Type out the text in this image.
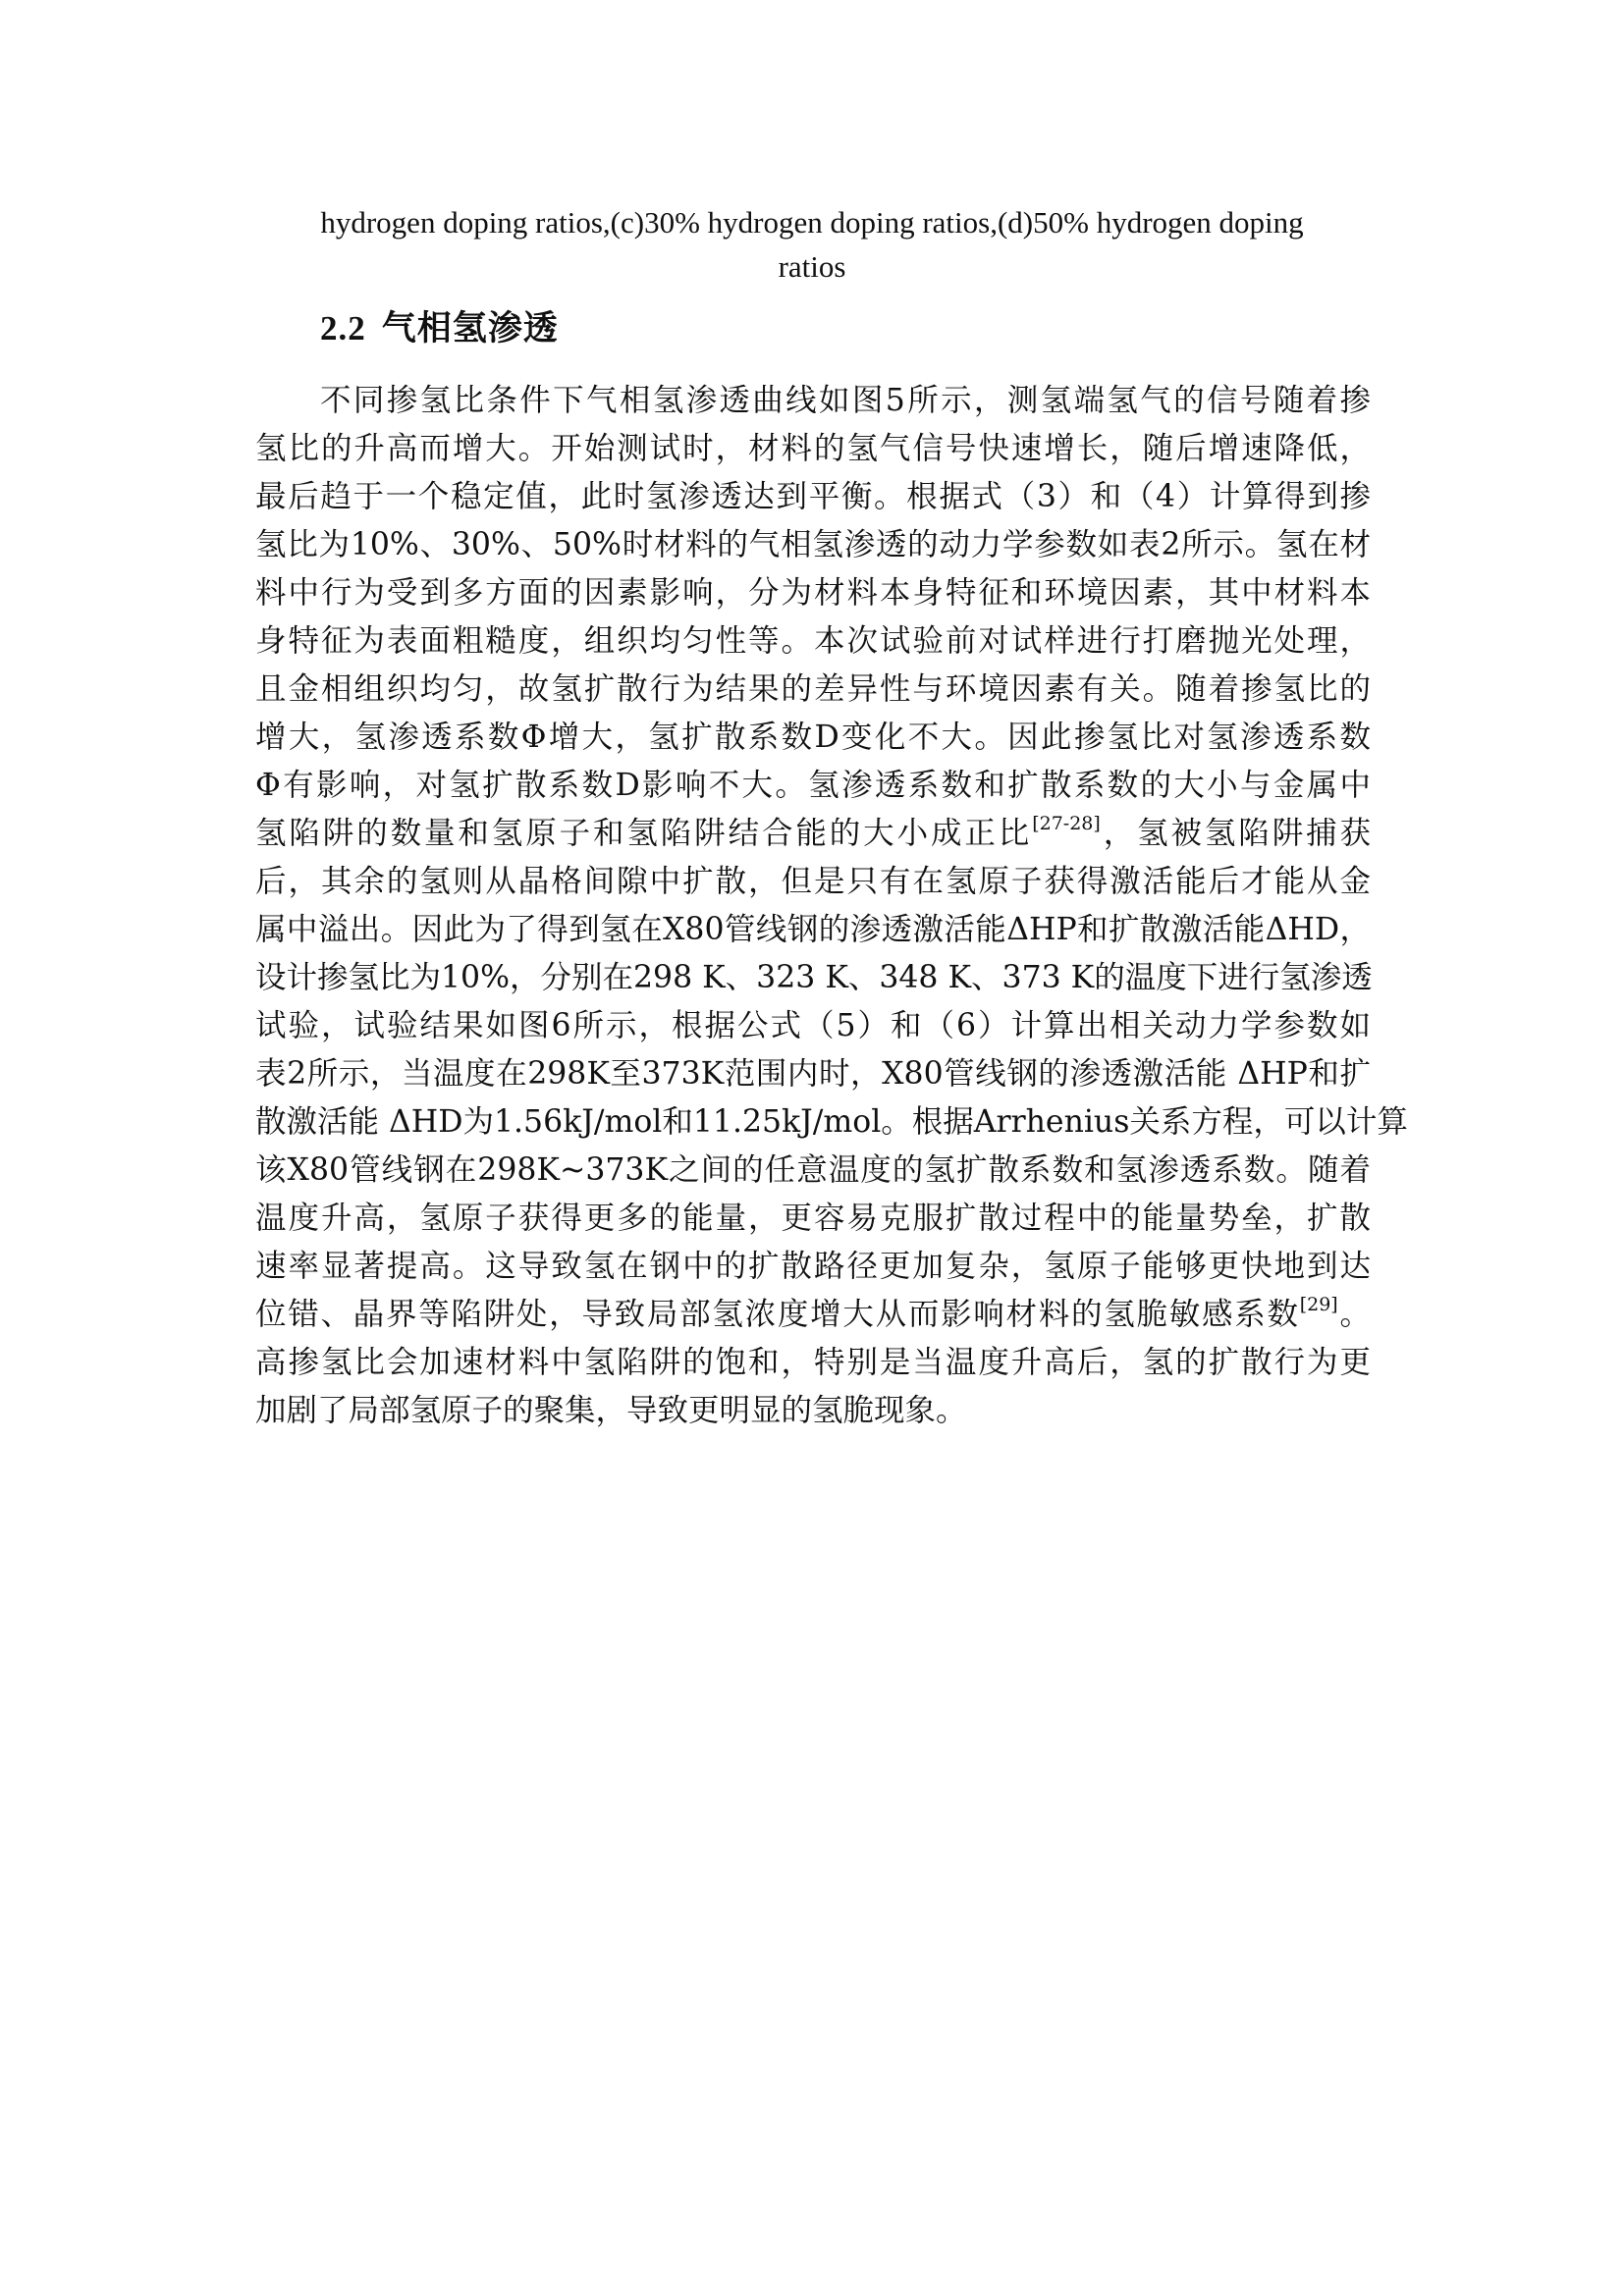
hydrogen doping ratios,(c)30% hydrogen doping ratios,(d)50% hydrogen doping
ratios
2.2 气相氢渗透
不同掺氢比条件下气相氢渗透曲线如图5所示，测氢端氢气的信号随着掺
氢比的升高而增大。开始测试时，材料的氢气信号快速增长，随后增速降低，
最后趋于一个稳定值，此时氢渗透达到平衡。根据式（3）和（4）计算得到掺
氢比为10%、30%、50%时材料的气相氢渗透的动力学参数如表2所示。氢在材
料中行为受到多方面的因素影响，分为材料本身特征和环境因素，其中材料本
身特征为表面粗糙度，组织均匀性等。本次试验前对试样进行打磨抛光处理，
且金相组织均匀，故氢扩散行为结果的差异性与环境因素有关。随着掺氢比的
增大，氢渗透系数Φ增大，氢扩散系数D变化不大。因此掺氢比对氢渗透系数
Φ有影响，对氢扩散系数D影响不大。氢渗透系数和扩散系数的大小与金属中
氢陷阱的数量和氢原子和氢陷阱结合能的大小成正比[27-28]，氢被氢陷阱捕获
后，其余的氢则从晶格间隙中扩散，但是只有在氢原子获得激活能后才能从金
属中溢出。因此为了得到氢在X80管线钢的渗透激活能ΔHP和扩散激活能ΔHD，
设计掺氢比为10%，分别在298 K、323 K、348 K、373 K的温度下进行氢渗透
试验，试验结果如图6所示，根据公式（5）和（6）计算出相关动力学参数如
表2所示，当温度在298K至373K范围内时，X80管线钢的渗透激活能 ΔHP和扩
散激活能 ΔHD为1.56kJ/mol和11.25kJ/mol。根据Arrhenius关系方程，可以计算
该X80管线钢在298K~373K之间的任意温度的氢扩散系数和氢渗透系数。随着
温度升高，氢原子获得更多的能量，更容易克服扩散过程中的能量势垒，扩散
速率显著提高。这导致氢在钢中的扩散路径更加复杂，氢原子能够更快地到达
位错、晶界等陷阱处，导致局部氢浓度增大从而影响材料的氢脆敏感系数[29]。
高掺氢比会加速材料中氢陷阱的饱和，特别是当温度升高后，氢的扩散行为更
加剧了局部氢原子的聚集，导致更明显的氢脆现象。
